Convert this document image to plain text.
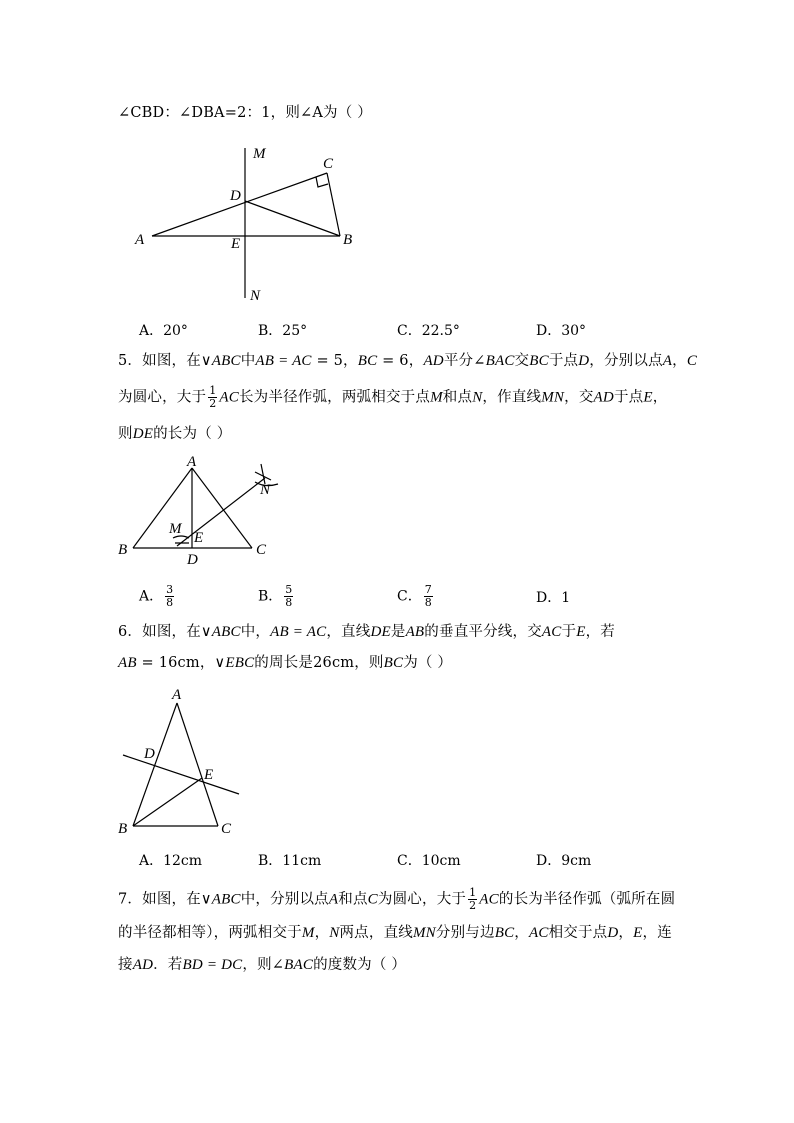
∠CBD：∠DBA=2：1，则∠A为（ ）
M
C
D
A	E	B
N
A．20°	B．25°	C．22.5°	D．30°
5．如图，在∨ABC中AB = AC = 5，BC = 6，AD平分∠BAC交BC于点D，分别以点A，C
为圆心，大于 $\frac{1}{2}$ AC长为半径作弧，两弧相交于点M和点N，作直线MN，交AD于点E，
则DE的长为（ ）
A
N
M
E
B
D
C
A． $\frac{3}{8}$	B． $\frac{5}{8}$	C． $\frac{7}{8}$	D．1
6．如图，在∨ABC中，AB = AC，直线DE是AB的垂直平分线，交AC于E，若
AB = 16cm，∨EBC的周长是26cm，则BC为（ ）
A
D
E
B	C
A．12cm	B．11cm	C．10cm	D．9cm
7．如图，在∨ABC中，分别以点A和点C为圆心，大于 $\frac{1}{2}$ AC的长为半径作弧（弧所在圆
的半径都相等），两弧相交于M，N两点，直线MN分别与边BC，AC相交于点D，E，连
接AD．若BD = DC，则∠BAC的度数为（ ）
